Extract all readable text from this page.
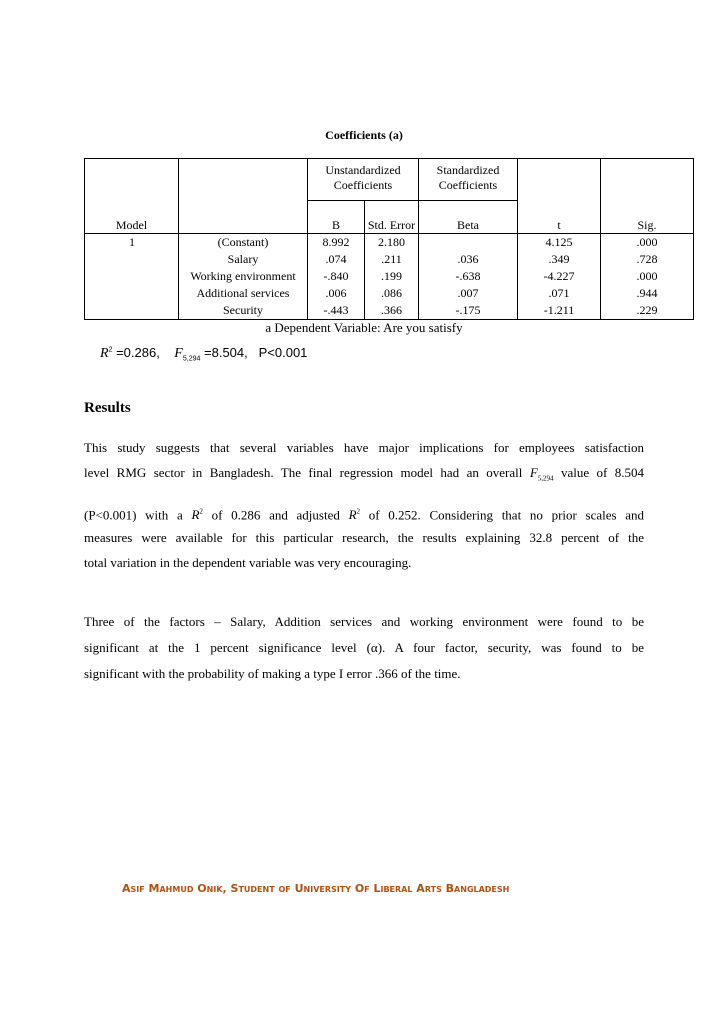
Coefficients (a)
		Unstandardized Coefficients		Standardized Coefficients		
Model		B	Std. Error	Beta	t	Sig.
1	(Constant)	8.992	2.180		4.125	.000
	Salary	.074	.211	.036	.349	.728
	Working environment	-.840	.199	-.638	-4.227	.000
	Additional services	.006	.086	.007	.071	.944
	Security	-.443	.366	-.175	-1.211	.229
a Dependent Variable: Are you satisfy
$R^2 =0.286$, $F_{5,294} =8.504$, P<0.001
Results
This study suggests that several variables have major implications for employees satisfaction
level RMG sector in Bangladesh. The final regression model had an overall $F_{5,294}$ value of 8.504
(P<0.001) with a $R^2$ of 0.286 and adjusted $R^2$ of 0.252. Considering that no prior scales and
measures were available for this particular research, the results explaining 32.8 percent of the
total variation in the dependent variable was very encouraging.
Three of the factors – Salary, Addition services and working environment were found to be
significant at the 1 percent significance level (α). A four factor, security, was found to be
significant with the probability of making a type I error .366 of the time.
Asif Mahmud Onik, Student of University Of Liberal Arts Bangladesh
